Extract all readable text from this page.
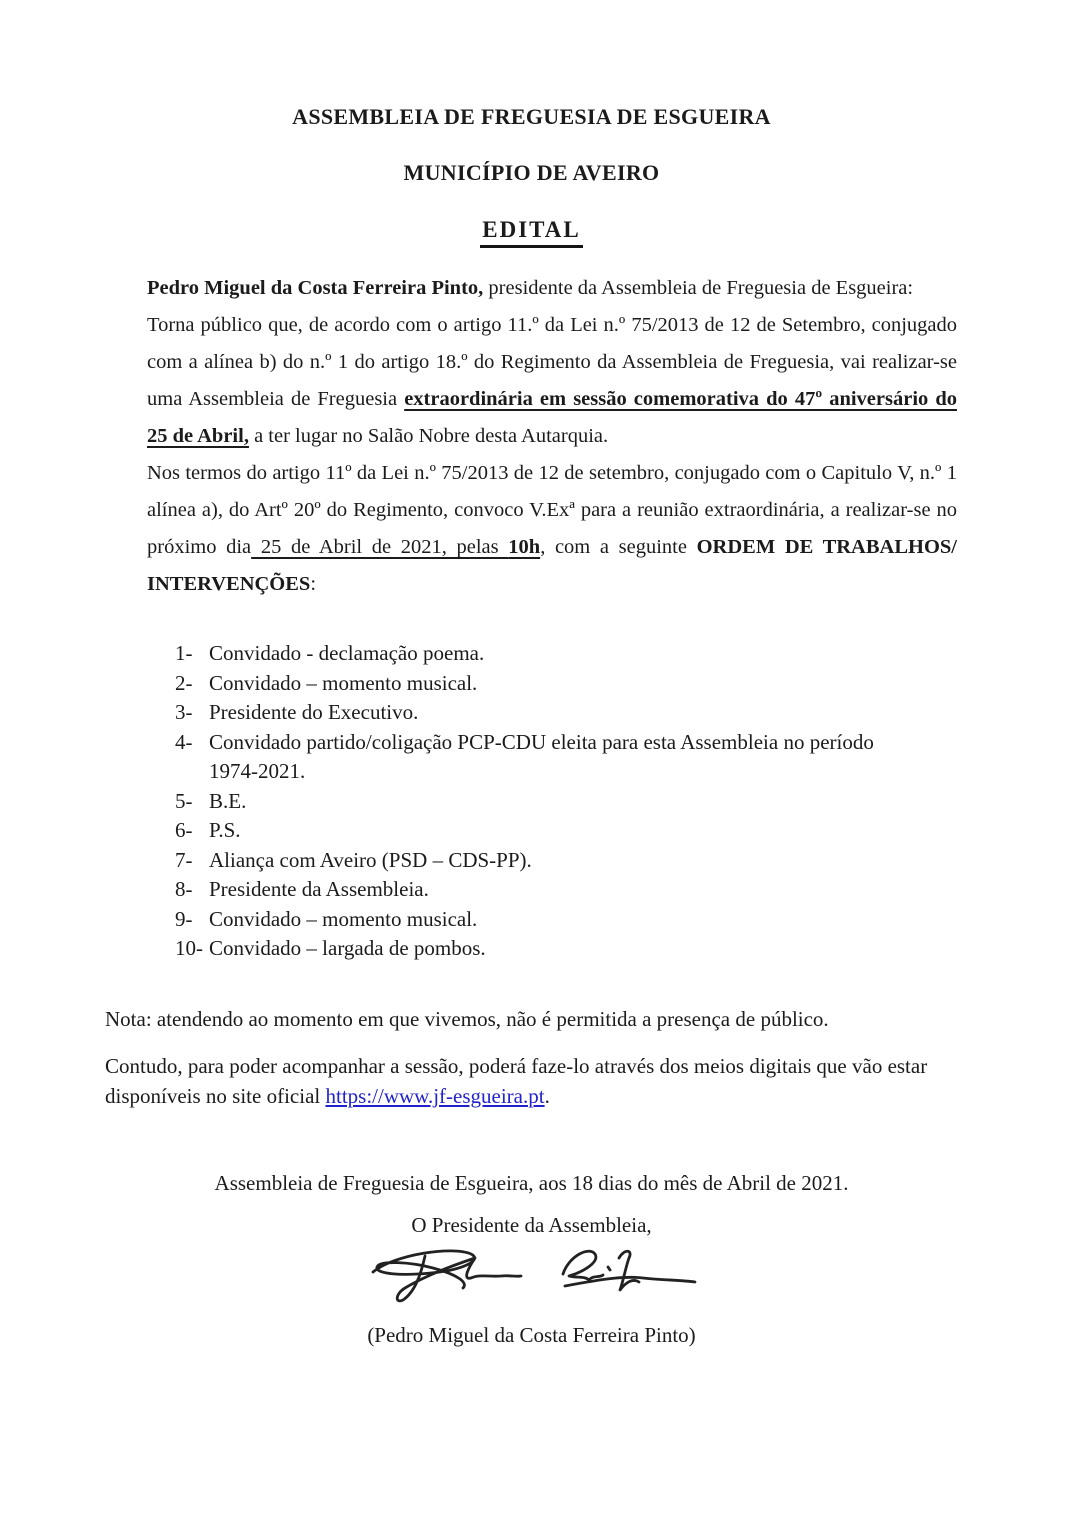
ASSEMBLEIA DE FREGUESIA DE ESGUEIRA

MUNICÍPIO DE AVEIRO

EDITAL

Pedro Miguel da Costa Ferreira Pinto, presidente da Assembleia de Freguesia de Esgueira:

Torna público que, de acordo com o artigo 11.º da Lei n.º 75/2013 de 12 de Setembro, conjugado com a alínea b) do n.º 1 do artigo 18.º do Regimento da Assembleia de Freguesia, vai realizar-se uma Assembleia de Freguesia extraordinária em sessão comemorativa do 47º aniversário do 25 de Abril, a ter lugar no Salão Nobre desta Autarquia.

Nos termos do artigo 11º da Lei n.º 75/2013 de 12 de setembro, conjugado com o Capitulo V, n.º 1 alínea a), do Artº 20º do Regimento, convoco V.Exª para a reunião extraordinária, a realizar-se no próximo dia 25 de Abril de 2021, pelas 10h, com a seguinte ORDEM DE TRABALHOS/ INTERVENÇÕES:

1- Convidado - declamação poema.
2- Convidado – momento musical.
3- Presidente do Executivo.
4- Convidado partido/coligação PCP-CDU eleita para esta Assembleia no período 1974-2021.
5- B.E.
6- P.S.
7- Aliança com Aveiro (PSD – CDS-PP).
8- Presidente da Assembleia.
9- Convidado – momento musical.
10- Convidado – largada de pombos.

Nota: atendendo ao momento em que vivemos, não é permitida a presença de público.

Contudo, para poder acompanhar a sessão, poderá faze-lo através dos meios digitais que vão estar disponíveis no site oficial https://www.jf-esgueira.pt.

Assembleia de Freguesia de Esgueira, aos 18 dias do mês de Abril de 2021.

O Presidente da Assembleia,

(Pedro Miguel da Costa Ferreira Pinto)
